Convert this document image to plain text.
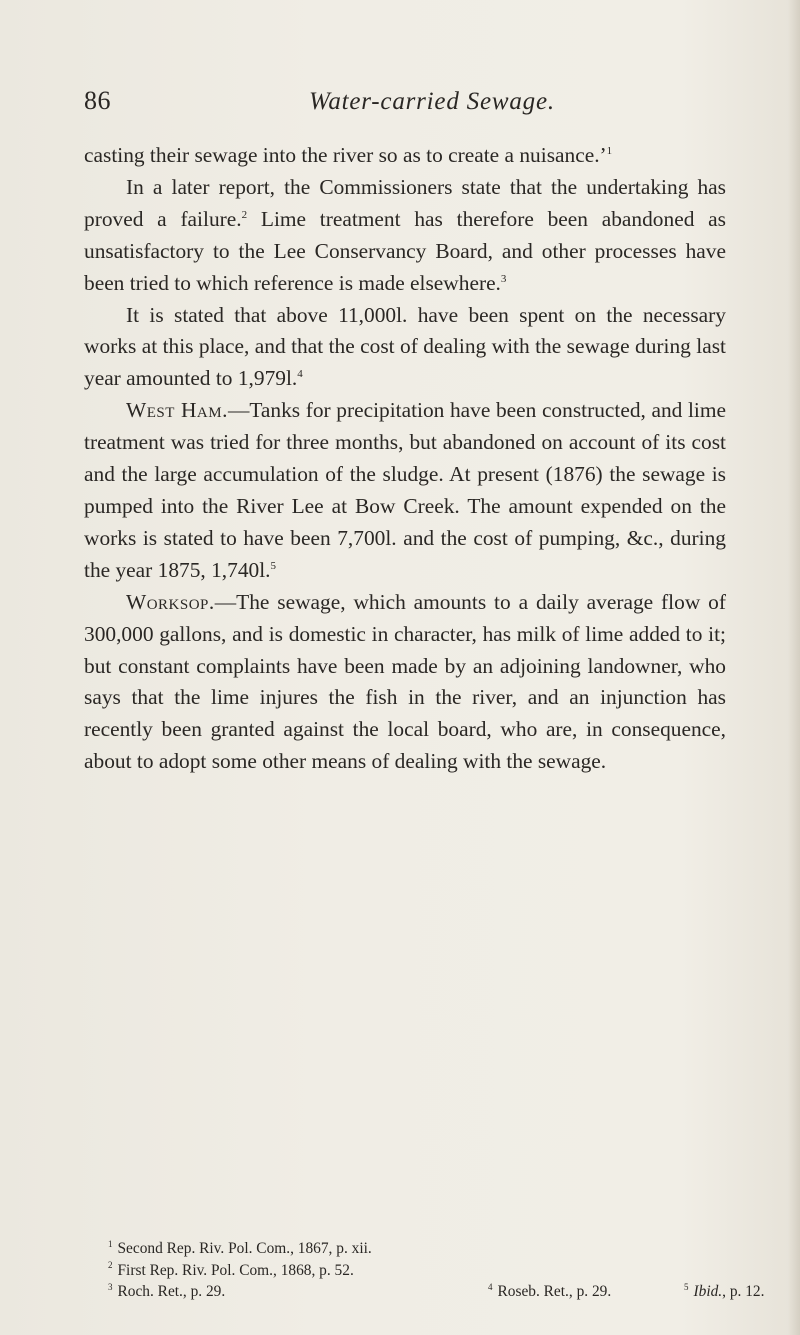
86	Water-carried Sewage.

casting their sewage into the river so as to create a nuisance.’$^1$

In a later report, the Commissioners state that the undertaking has proved a failure.$^2$ Lime treatment has therefore been abandoned as unsatisfactory to the Lee Conservancy Board, and other processes have been tried to which reference is made elsewhere.$^3$

It is stated that above 11,000l. have been spent on the necessary works at this place, and that the cost of dealing with the sewage during last year amounted to 1,979l.$^4$

West Ham.—Tanks for precipitation have been constructed, and lime treatment was tried for three months, but abandoned on account of its cost and the large accumulation of the sludge. At present (1876) the sewage is pumped into the River Lee at Bow Creek. The amount expended on the works is stated to have been 7,700l. and the cost of pumping, &c., during the year 1875, 1,740l.$^5$

Worksop.—The sewage, which amounts to a daily average flow of 300,000 gallons, and is domestic in character, has milk of lime added to it; but constant complaints have been made by an adjoining landowner, who says that the lime injures the fish in the river, and an injunction has recently been granted against the local board, who are, in consequence, about to adopt some other means of dealing with the sewage.

$^1$ Second Rep. Riv. Pol. Com., 1867, p. xii.
$^2$ First Rep. Riv. Pol. Com., 1868, p. 52.
$^3$ Roch. Ret., p. 29.	$^4$ Roseb. Ret., p. 29.	$^5$ Ibid., p. 12.
